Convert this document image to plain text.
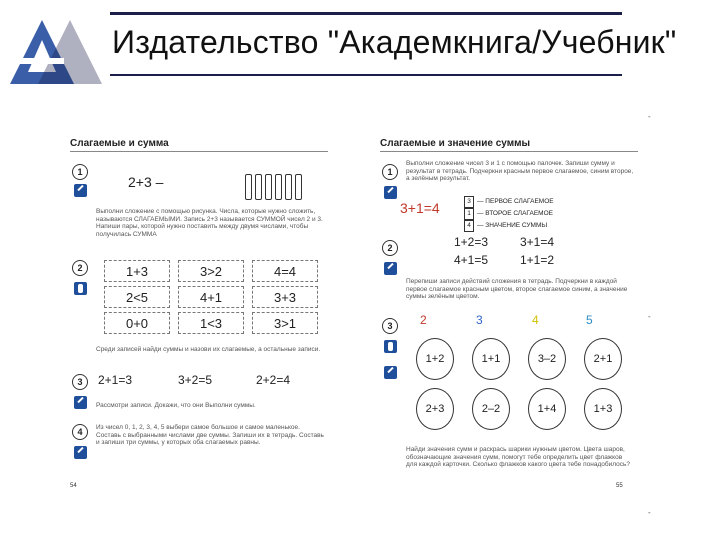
Издательство "Академкнига/Учебник"
Слагаемые и сумма
1
2+3 –
Выполни сложение с помощью рисунка. Числа, которые нужно сложить, называются СЛАГАЕМЫМИ. Запись 2+3 называется СУММОЙ чисел 2 и 3. Напиши пары, которой нужно поставить между двумя числами, чтобы получилась СУММА
2	1+3	3>2	4=4
2<5	4+1	3+3
0+0	1<3	3>1
Среди записей найди суммы и назови их слагаемые, а остальные записи.
3	2+1=3	3+2=5	2+2=4
Рассмотри записи. Докажи, что они Выполни суммы.
4	Из чисел 0, 1, 2, 3, 4, 5 выбери самое большое и самое маленькое. Составь с выбранными числами две суммы. Запиши их в тетрадь. Составь и запиши три суммы, у которых оба слагаемых равны.
54
Слагаемые и значение суммы
1
Выполни сложение чисел 3 и 1 с помощью палочек. Запиши сумму и результат в тетрадь. Подчеркни красным первое слагаемое, синим второе, а зелёным результат.
3+1=4	3 — ПЕРВОЕ СЛАГАЕМОЕ
1 — ВТОРОЕ СЛАГАЕМОЕ
4 — ЗНАЧЕНИЕ СУММЫ
2	1+2=3	3+1=4
4+1=5	1+1=2
Перепиши записи действий сложения в тетрадь. Подчеркни в каждой первое слагаемое красным цветом, второе слагаемое синим, а значение суммы зелёным цветом.
3	2	3	4	5
1+2	1+1	3–2	2+1
2+3	2–2	1+4	1+3
Найди значения сумм и раскрась шарики нужным цветом. Цвета шаров, обозначающие значения сумм, помогут тебе определить цвет флажков для каждой карточки. Сколько флажков какого цвета тебе понадобилось?
55
-
-
-
